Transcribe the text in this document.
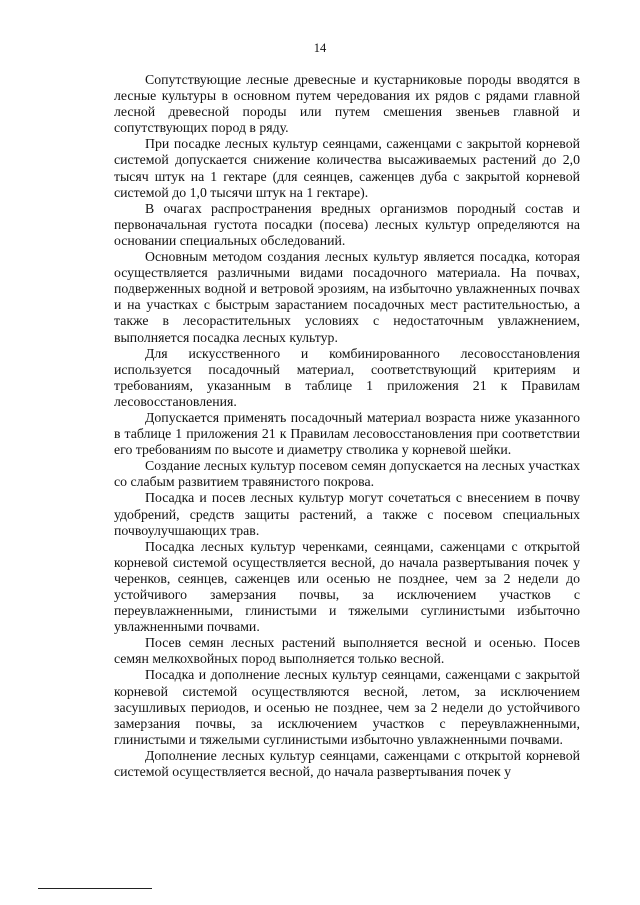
14

Сопутствующие лесные древесные и кустарниковые породы вводятся в лесные культуры в основном путем чередования их рядов с рядами главной лесной древесной породы или путем смешения звеньев главной и сопутствующих пород в ряду.

При посадке лесных культур сеянцами, саженцами с закрытой корневой системой допускается снижение количества высаживаемых растений до 2,0 тысяч штук на 1 гектаре (для сеянцев, саженцев дуба с закрытой корневой системой до 1,0 тысячи штук на 1 гектаре).

В очагах распространения вредных организмов породный состав и первоначальная густота посадки (посева) лесных культур определяются на основании специальных обследований.

Основным методом создания лесных культур является посадка, которая осуществляется различными видами посадочного материала. На почвах, подверженных водной и ветровой эрозиям, на избыточно увлажненных почвах и на участках с быстрым зарастанием посадочных мест растительностью, а также в лесорастительных условиях с недостаточным увлажнением, выполняется посадка лесных культур.

Для искусственного и комбинированного лесовосстановления используется посадочный материал, соответствующий критериям и требованиям, указанным в таблице 1 приложения 21 к Правилам лесовосстановления.

Допускается применять посадочный материал возраста ниже указанного в таблице 1 приложения 21 к Правилам лесовосстановления при соответствии его требованиям по высоте и диаметру стволика у корневой шейки.

Создание лесных культур посевом семян допускается на лесных участках со слабым развитием травянистого покрова.

Посадка и посев лесных культур могут сочетаться с внесением в почву удобрений, средств защиты растений, а также с посевом специальных почвоулучшающих трав.

Посадка лесных культур черенками, сеянцами, саженцами с открытой корневой системой осуществляется весной, до начала развертывания почек у черенков, сеянцев, саженцев или осенью не позднее, чем за 2 недели до устойчивого замерзания почвы, за исключением участков с переувлажненными, глинистыми и тяжелыми суглинистыми избыточно увлажненными почвами.

Посев семян лесных растений выполняется весной и осенью. Посев семян мелкохвойных пород выполняется только весной.

Посадка и дополнение лесных культур сеянцами, саженцами с закрытой корневой системой осуществляются весной, летом, за исключением засушливых периодов, и осенью не позднее, чем за 2 недели до устойчивого замерзания почвы, за исключением участков с переувлажненными, глинистыми и тяжелыми суглинистыми избыточно увлажненными почвами.

Дополнение лесных культур сеянцами, саженцами с открытой корневой системой осуществляется весной, до начала развертывания почек у
